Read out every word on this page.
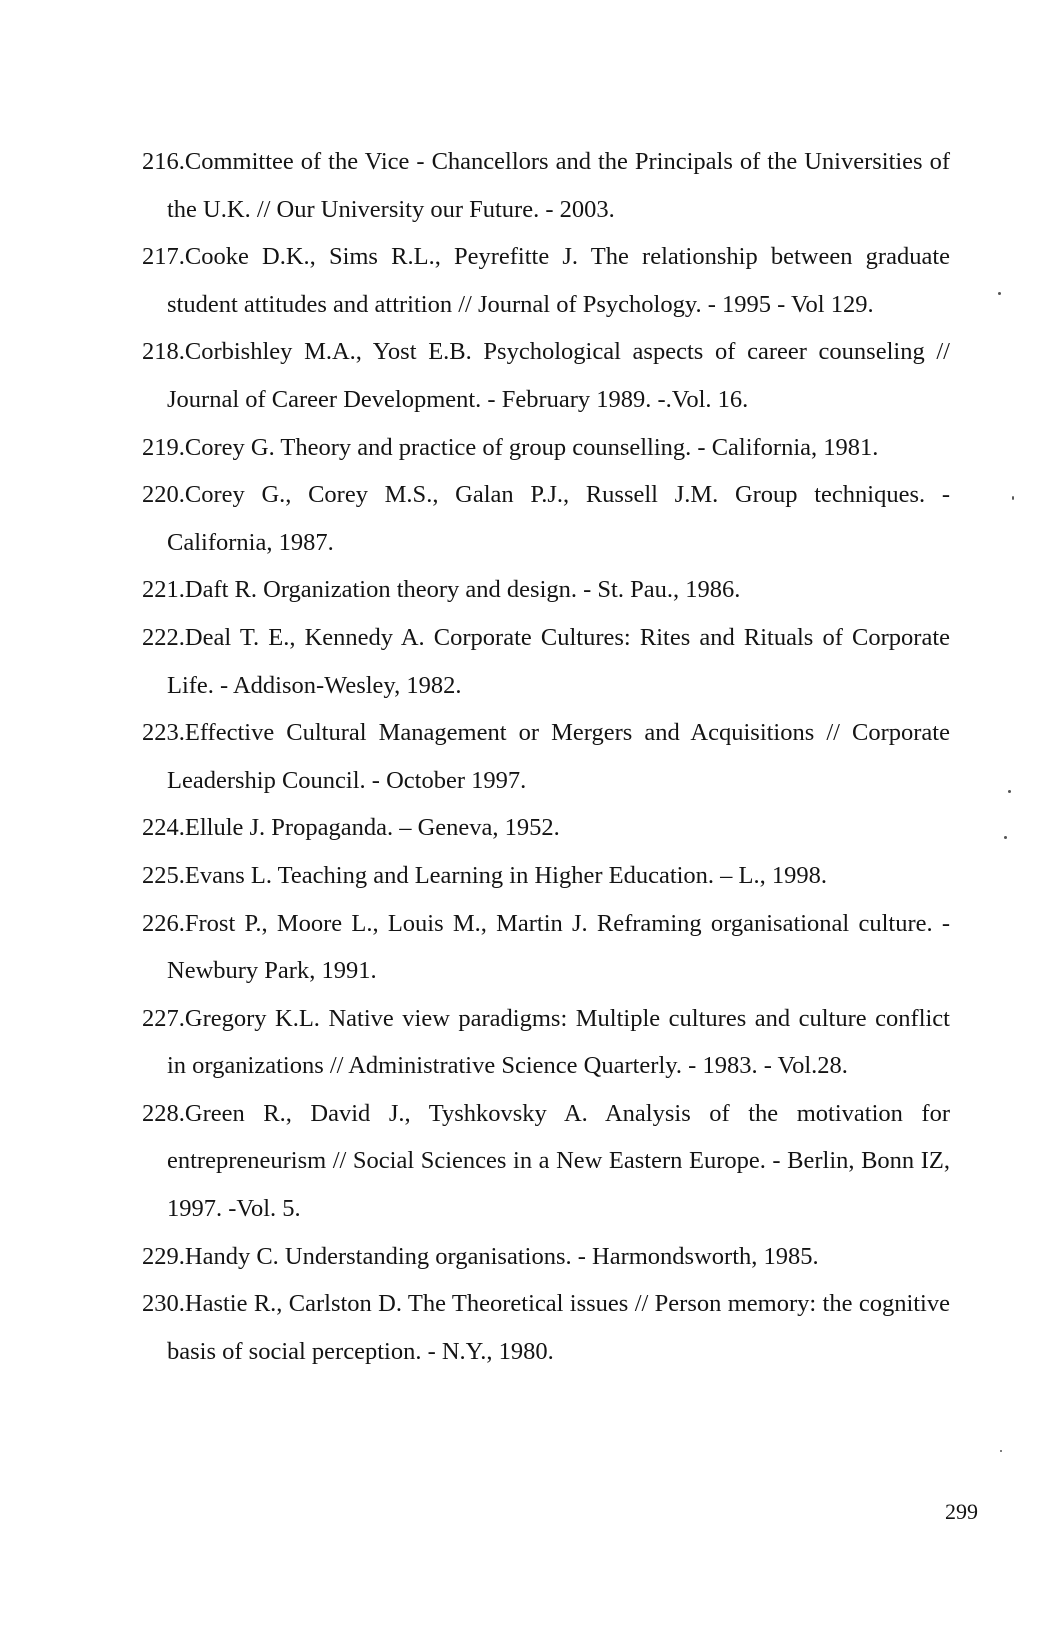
216.Committee of the Vice - Chancellors and the Principals of the Universities of the U.K. // Our University our Future. - 2003.
217.Cooke D.K., Sims R.L., Peyrefitte J. The relationship between graduate student attitudes and attrition // Journal of Psychology. - 1995 - Vol 129.
218.Corbishley M.A., Yost E.B. Psychological aspects of career counseling // Journal of Career Development. - February 1989. -.Vol. 16.
219.Corey G. Theory and practice of group counselling. - California, 1981.
220.Corey G., Corey M.S., Galan P.J., Russell J.M. Group techniques. - California, 1987.
221.Daft R. Organization theory and design. - St. Pau., 1986.
222.Deal T. E., Kennedy A. Corporate Cultures: Rites and Rituals of Corporate Life. - Addison-Wesley, 1982.
223.Effective Cultural Management or Mergers and Acquisitions // Corporate Leadership Council. - October 1997.
224.Ellule J. Propaganda. – Geneva, 1952.
225.Evans L. Teaching and Learning in Higher Education. – L., 1998.
226.Frost P., Moore L., Louis M., Martin J. Reframing organisational culture. - Newbury Park, 1991.
227.Gregory K.L. Native view paradigms: Multiple cultures and culture conflict in organizations // Administrative Science Quarterly. - 1983. - Vol.28.
228.Green R., David J., Tyshkovsky A. Analysis of the motivation for entrepreneurism // Social Sciences in a New Eastern Europe. - Berlin, Bonn IZ, 1997. -Vol. 5.
229.Handy C. Understanding organisations. - Harmondsworth, 1985.
230.Hastie R., Carlston D. The Theoretical issues // Person memory: the cognitive basis of social perception. - N.Y., 1980.
299
